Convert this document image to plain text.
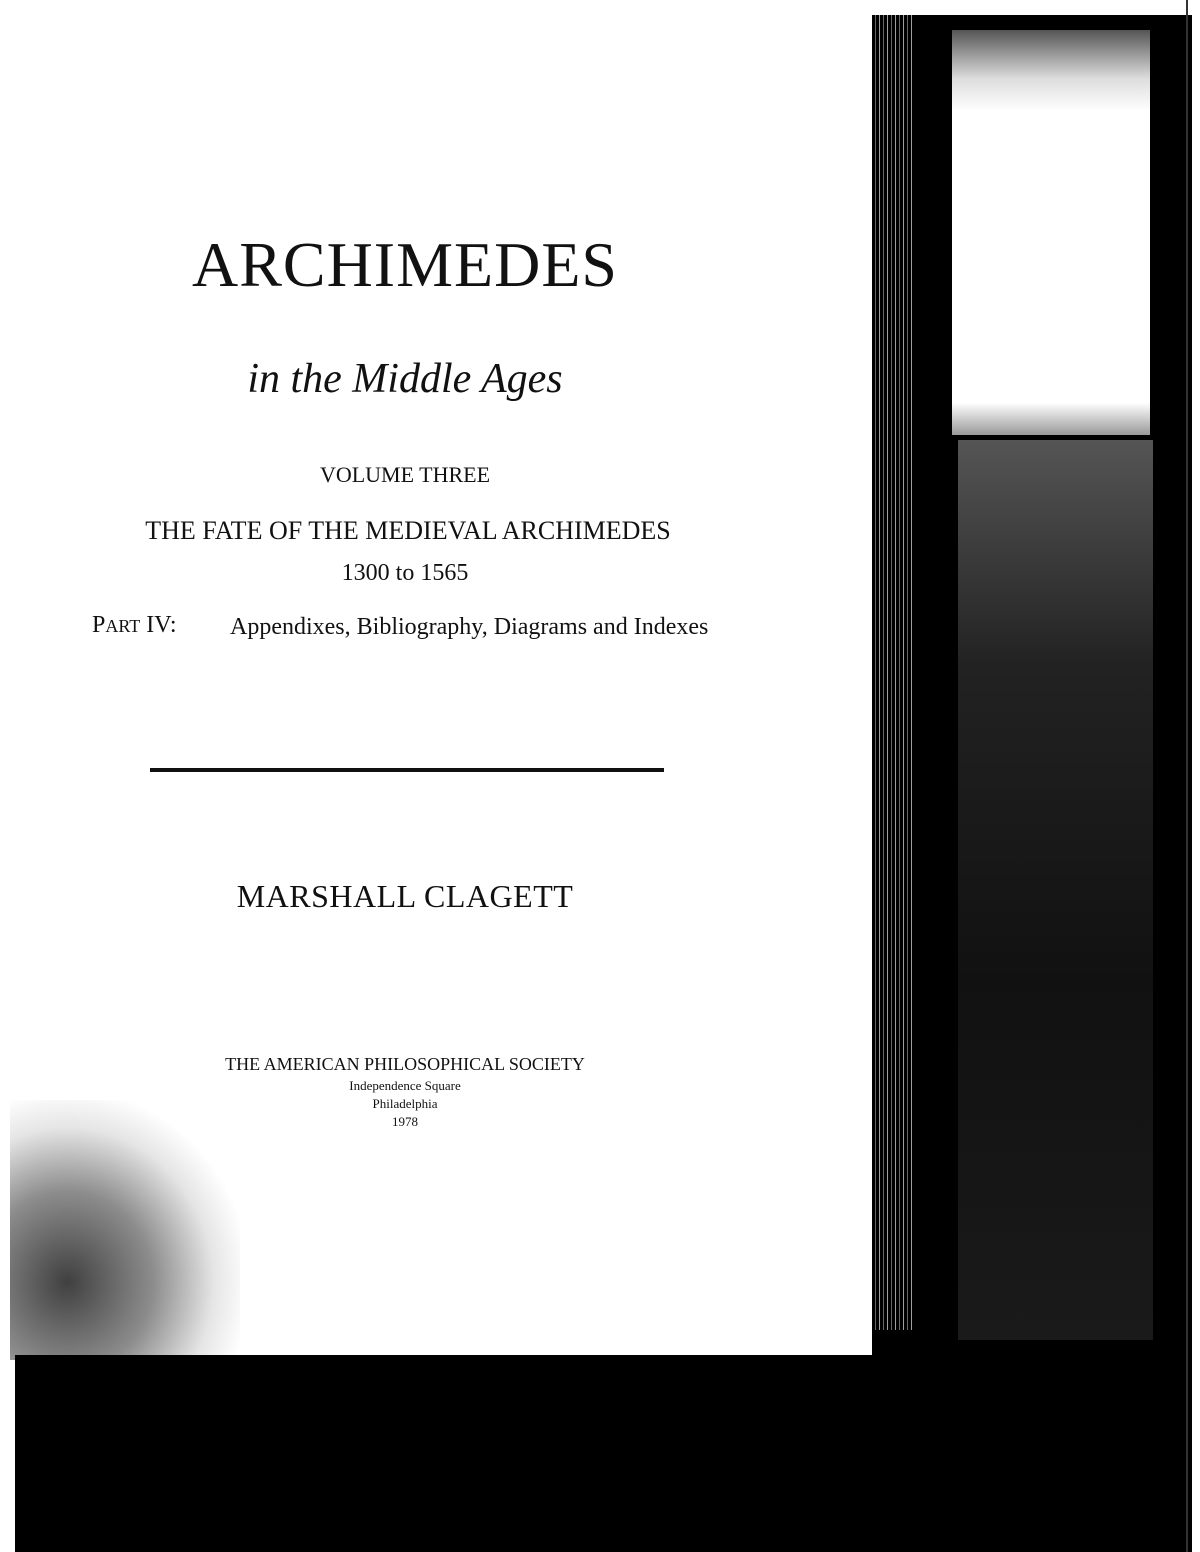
ARCHIMEDES
in the Middle Ages
VOLUME THREE
THE FATE OF THE MEDIEVAL ARCHIMEDES
1300 to 1565
PART IV: Appendixes, Bibliography, Diagrams and Indexes
MARSHALL CLAGETT
THE AMERICAN PHILOSOPHICAL SOCIETY
Independence Square
Philadelphia
1978
